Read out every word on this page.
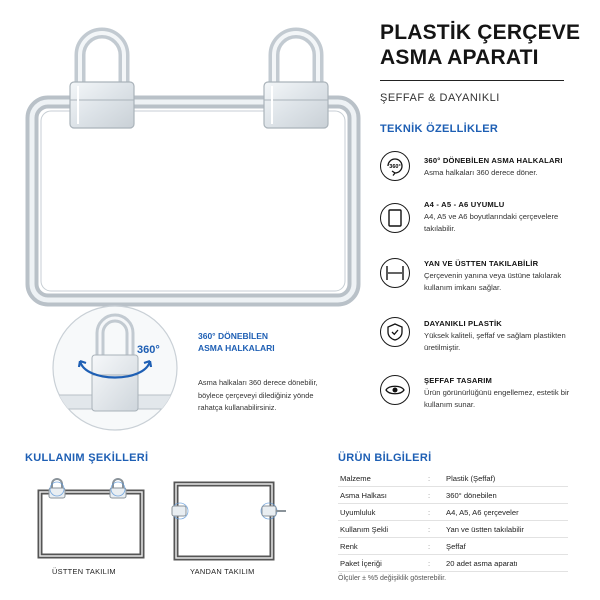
PLASTİK ÇERÇEVE
ASMA APARATI
ŞEFFAF & DAYANIKLI
TEKNİK ÖZELLİKLER
360°
360° DÖNEBİLEN ASMA HALKALARI
Asma halkaları 360 derece döner.
A4 - A5 - A6 UYUMLU
A4, A5 ve A6 boyutlarındaki çerçevelere takılabilir.
YAN VE ÜSTTEN TAKILABİLİR
Çerçevenin yanına veya üstüne takılarak kullanım imkanı sağlar.
DAYANIKLI PLASTİK
Yüksek kaliteli, şeffaf ve sağlam plastikten üretilmiştir.
ŞEFFAF TASARIM
Ürün görünürlüğünü engellemez, estetik bir kullanım sunar.
360°
360° DÖNEBİLEN
ASMA HALKALARI
Asma halkaları 360 derece dönebilir, böylece çerçeveyi dilediğiniz yönde rahatça kullanabilirsiniz.
KULLANIM ŞEKİLLERİ
ÜSTTEN TAKILIM	YANDAN TAKILIM
ÜRÜN BİLGİLERİ
Malzeme	:	Plastik (Şeffaf)
Asma Halkası	:	360° dönebilen
Uyumluluk	:	A4, A5, A6 çerçeveler
Kullanım Şekli	:	Yan ve üstten takılabilir
Renk	:	Şeffaf
Paket İçeriği	:	20 adet asma aparatı
Ölçüler ± %5 değişiklik gösterebilir.
